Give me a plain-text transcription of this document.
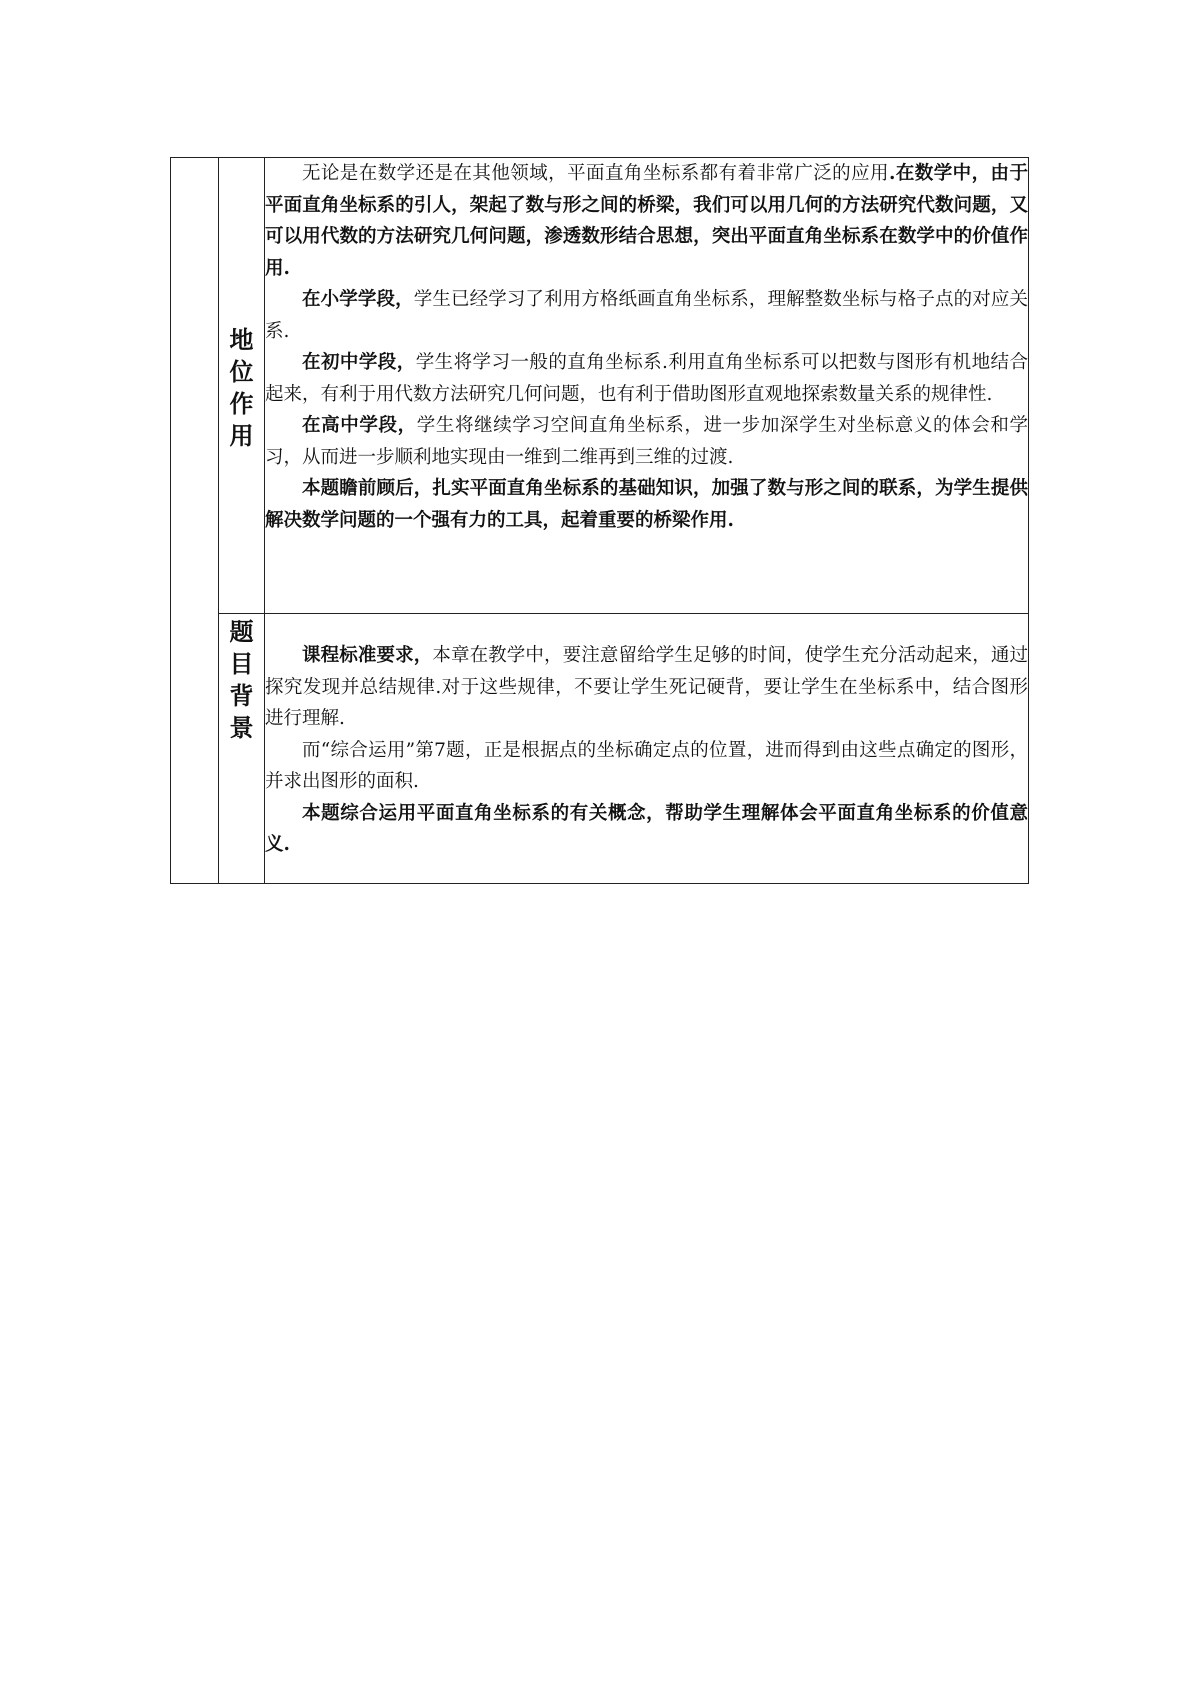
	地位作用	无论是在数学还是在其他领域，平面直角坐标系都有着非常广泛的应用.在数学中，由于平面直角坐标系的引人，架起了数与形之间的桥梁，我们可以用几何的方法研究代数问题，又可以用代数的方法研究几何问题，渗透数形结合思想，突出平面直角坐标系在数学中的价值作用.

在小学学段，学生已经学习了利用方格纸画直角坐标系，理解整数坐标与格子点的对应关系.

在初中学段，学生将学习一般的直角坐标系.利用直角坐标系可以把数与图形有机地结合起来，有利于用代数方法研究几何问题，也有利于借助图形直观地探索数量关系的规律性.

在高中学段，学生将继续学习空间直角坐标系，进一步加深学生对坐标意义的体会和学习，从而进一步顺利地实现由一维到二维再到三维的过渡.

本题瞻前顾后，扎实平面直角坐标系的基础知识，加强了数与形之间的联系，为学生提供解决数学问题的一个强有力的工具，起着重要的桥梁作用.

	题目背景	课程标准要求，本章在教学中，要注意留给学生足够的时间，使学生充分活动起来，通过探究发现并总结规律.对于这些规律，不要让学生死记硬背，要让学生在坐标系中，结合图形进行理解.

而“综合运用”第7题，正是根据点的坐标确定点的位置，进而得到由这些点确定的图形，并求出图形的面积.

本题综合运用平面直角坐标系的有关概念，帮助学生理解体会平面直角坐标系的价值意义.
